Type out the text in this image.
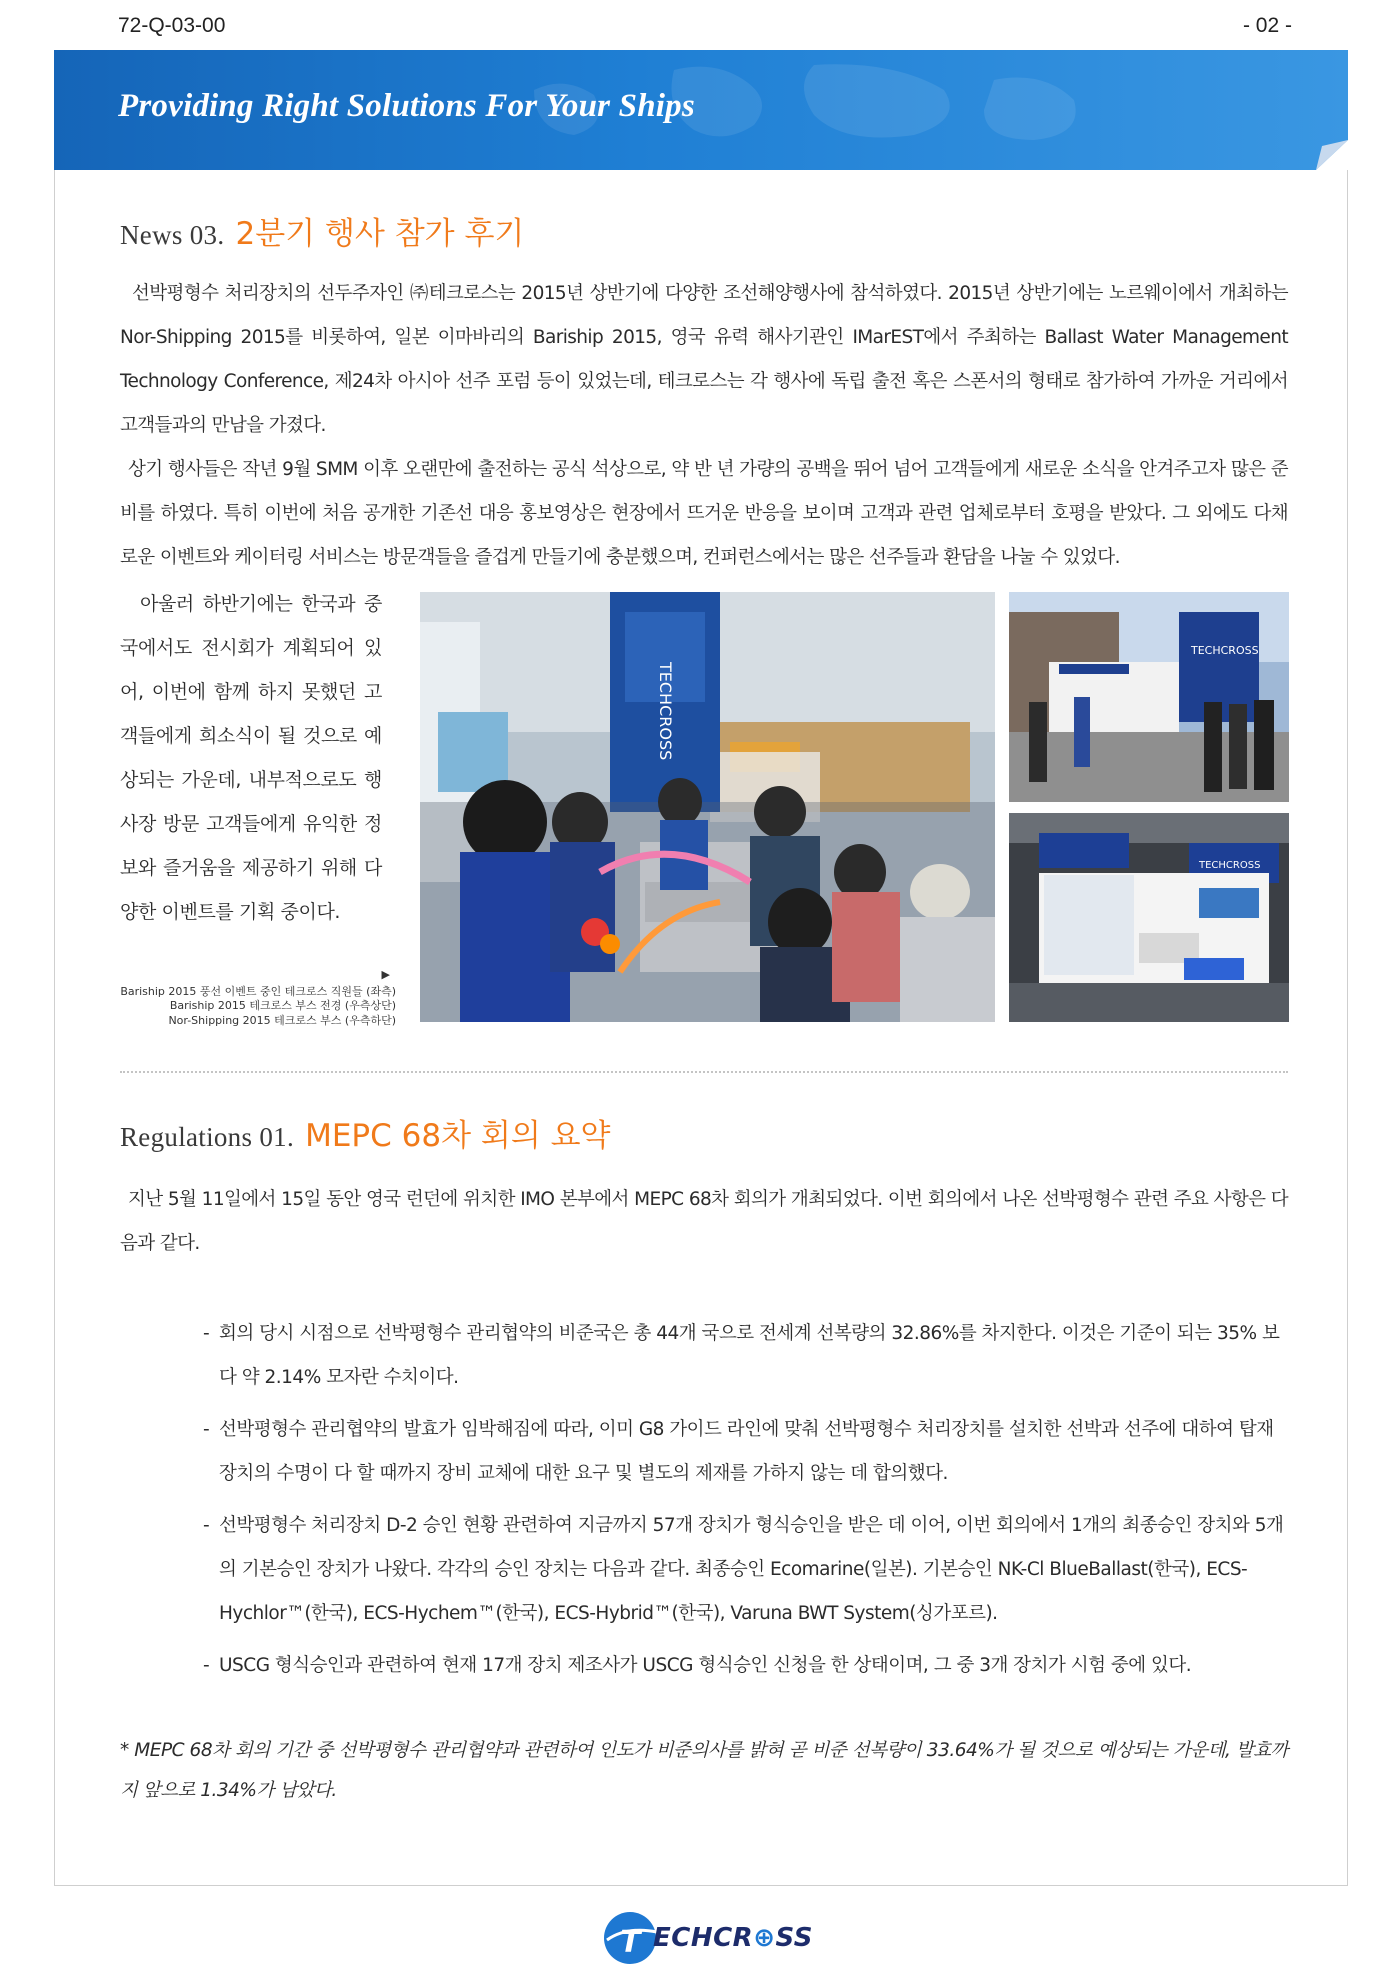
72-Q-03-00	- 02 -
Providing Right Solutions For Your Ships
News 03. 2분기 행사 참가 후기

선박평형수 처리장치의 선두주자인 ㈜테크로스는 2015년 상반기에 다양한 조선해양행사에 참석하였다. 2015년 상반기에는 노르웨이에서 개최하는 Nor-Shipping 2015를 비롯하여, 일본 이마바리의 Bariship 2015, 영국 유력 해사기관인 IMarEST에서 주최하는 Ballast Water Management Technology Conference, 제24차 아시아 선주 포럼 등이 있었는데, 테크로스는 각 행사에 독립 출전 혹은 스폰서의 형태로 참가하여 가까운 거리에서 고객들과의 만남을 가졌다.

상기 행사들은 작년 9월 SMM 이후 오랜만에 출전하는 공식 석상으로, 약 반 년 가량의 공백을 뛰어 넘어 고객들에게 새로운 소식을 안겨주고자 많은 준비를 하였다. 특히 이번에 처음 공개한 기존선 대응 홍보영상은 현장에서 뜨거운 반응을 보이며 고객과 관련 업체로부터 호평을 받았다. 그 외에도 다채로운 이벤트와 케이터링 서비스는 방문객들을 즐겁게 만들기에 충분했으며, 컨퍼런스에서는 많은 선주들과 환담을 나눌 수 있었다.

아울러 하반기에는 한국과 중국에서도 전시회가 계획되어 있어, 이번에 함께 하지 못했던 고객들에게 희소식이 될 것으로 예상되는 가운데, 내부적으로도 행사장 방문 고객들에게 유익한 정보와 즐거움을 제공하기 위해 다양한 이벤트를 기획 중이다.

▶
Bariship 2015 풍선 이벤트 중인 테크로스 직원들 (좌측)
Bariship 2015 테크로스 부스 전경 (우측상단)
Nor-Shipping 2015 테크로스 부스 (우측하단)
TECHCROSS
TECHCROSS
TECHCROSS
Regulations 01. MEPC 68차 회의 요약

지난 5월 11일에서 15일 동안 영국 런던에 위치한 IMO 본부에서 MEPC 68차 회의가 개최되었다. 이번 회의에서 나온 선박평형수 관련 주요 사항은 다음과 같다.

- 회의 당시 시점으로 선박평형수 관리협약의 비준국은 총 44개 국으로 전세계 선복량의 32.86%를 차지한다. 이것은 기준이 되는 35% 보다 약 2.14% 모자란 수치이다.
- 선박평형수 관리협약의 발효가 임박해짐에 따라, 이미 G8 가이드 라인에 맞춰 선박평형수 처리장치를 설치한 선박과 선주에 대하여 탑재 장치의 수명이 다 할 때까지 장비 교체에 대한 요구 및 별도의 제재를 가하지 않는 데 합의했다.
- 선박평형수 처리장치 D-2 승인 현황 관련하여 지금까지 57개 장치가 형식승인을 받은 데 이어, 이번 회의에서 1개의 최종승인 장치와 5개의 기본승인 장치가 나왔다. 각각의 승인 장치는 다음과 같다. 최종승인 Ecomarine(일본). 기본승인 NK-Cl BlueBallast(한국), ECS-Hychlor™(한국), ECS-Hychem™(한국), ECS-Hybrid™(한국), Varuna BWT System(싱가포르).
- USCG 형식승인과 관련하여 현재 17개 장치 제조사가 USCG 형식승인 신청을 한 상태이며, 그 중 3개 장치가 시험 중에 있다.

* MEPC 68차 회의 기간 중 선박평형수 관리협약과 관련하여 인도가 비준의사를 밝혀 곧 비준 선복량이 33.64%가 될 것으로 예상되는 가운데, 발효까지 앞으로 1.34%가 남았다.

T ECHCR⊕SS
